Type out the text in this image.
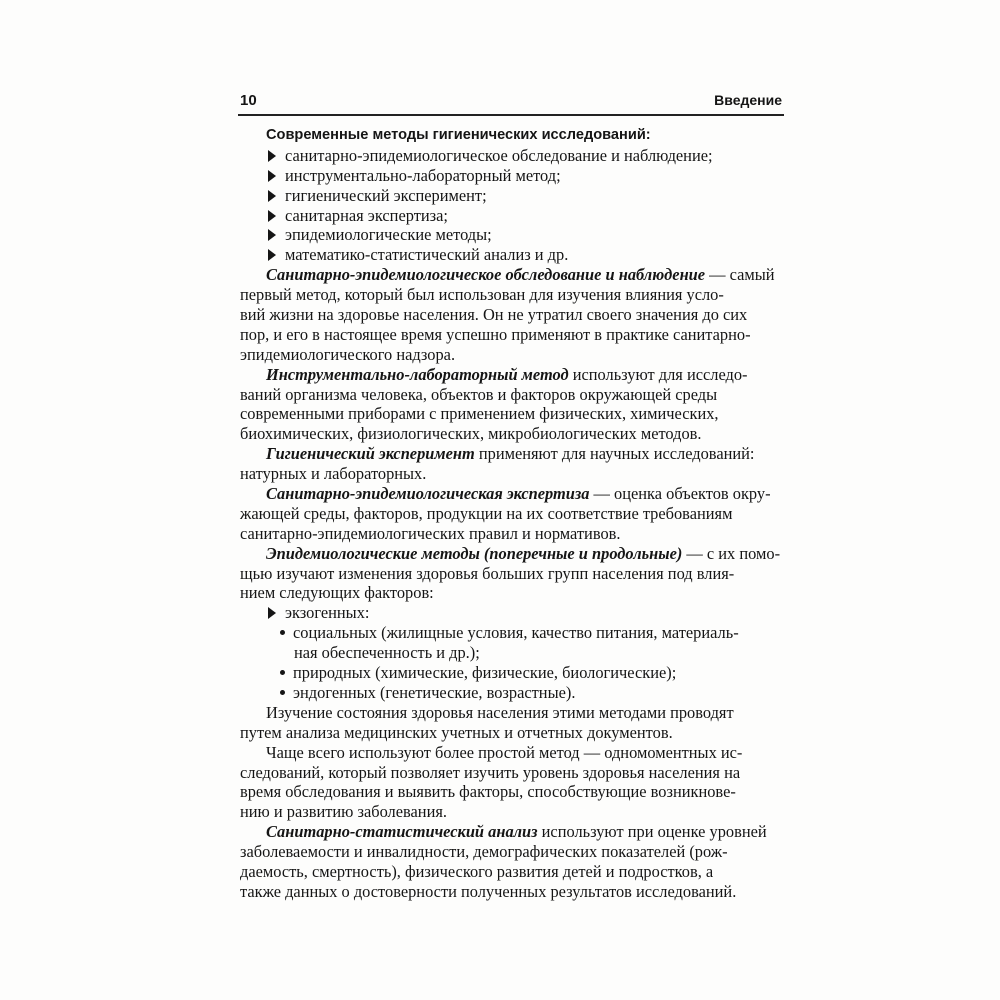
10	Введение
Современные методы гигиенических исследований:
санитарно-эпидемиологическое обследование и наблюдение;
инструментально-лабораторный метод;
гигиенический эксперимент;
санитарная экспертиза;
эпидемиологические методы;
математико-статистический анализ и др.
Санитарно-эпидемиологическое обследование и наблюдение — самый
первый метод, который был использован для изучения влияния усло-
вий жизни на здоровье населения. Он не утратил своего значения до сих
пор, и его в настоящее время успешно применяют в практике санитарно-
эпидемиологического надзора.
Инструментально-лабораторный метод используют для исследо-
ваний организма человека, объектов и факторов окружающей среды
современными приборами с применением физических, химических,
биохимических, физиологических, микробиологических методов.
Гигиенический эксперимент применяют для научных исследований:
натурных и лабораторных.
Санитарно-эпидемиологическая экспертиза — оценка объектов окру-
жающей среды, факторов, продукции на их соответствие требованиям
санитарно-эпидемиологических правил и нормативов.
Эпидемиологические методы (поперечные и продольные) — с их помо-
щью изучают изменения здоровья больших групп населения под влия-
нием следующих факторов:
экзогенных:
социальных (жилищные условия, качество питания, материаль-
ная обеспеченность и др.);
природных (химические, физические, биологические);
эндогенных (генетические, возрастные).
Изучение состояния здоровья населения этими методами проводят
путем анализа медицинских учетных и отчетных документов.
Чаще всего используют более простой метод — одномоментных ис-
следований, который позволяет изучить уровень здоровья населения на
время обследования и выявить факторы, способствующие возникнове-
нию и развитию заболевания.
Санитарно-статистический анализ используют при оценке уровней
заболеваемости и инвалидности, демографических показателей (рож-
даемость, смертность), физического развития детей и подростков, а
также данных о достоверности полученных результатов исследований.
